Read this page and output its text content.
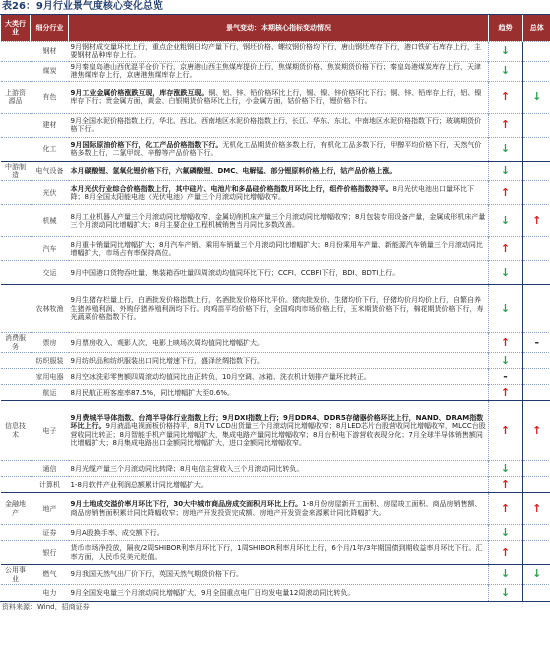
表26：9月行业景气度核心变化总览
大类行业	细分行业	景气变动：本期核心指标变动情况	趋势	总体
	钢材	9月钢材成交量环比上行，重点企业粗钢日均产量下行，钢坯价格、螺纹钢价格均下行，唐山钢坯库存下行，港口铁矿石库存上行，主要钢材品种库存上行。	↓	
	煤炭	9月秦皇岛港山西优混平仓价下行，京唐港山西主焦煤库提价上行，焦煤期货价格、焦炭期货价格下行；秦皇岛港煤炭库存上行，天津港焦煤库存上行，京唐港焦煤库存上行。	↓	
上游资源品	有色	9月工业金属价格涨跌互现，库存涨跌互现。铜、铝、锌、铅价格环比上行，锡、镍、锌价格环比下行；铜、锌、铅库存上行，铝、镍库存下行；贵金属方面，黄金、白银期货价格环比上行，小金属方面，钴价格下行，锂价格下行。	↑	↓
	建材	9月全国水泥价格指数上行，华北、西北、西南地区水泥价格指数上行，长江、华东、东北、中南地区水泥价格指数下行；玻璃期货价格下行。	↑	
	化工	9月国际原油价格下行，化工产品价格指数下行。无机化工品期货价格多数上行，有机化工品多数下行，甲醇平均价格下行，天然气价格多数上行，二氯甲烷、辛醇等产品价格下行。	↓	
中游制造	电气设备	本月碳酸锂、氢氧化锂价格下行，六氟磷酸锂、DMC、电解锰、部分锂原料价格上行，钴产品价格上涨。	↓	
	光伏	本月光伏行业综合价格指数上行，其中硅片、电池片和多晶硅价格指数月环比上行，组件价格指数持平。8月光伏电池出口量环比下降；8月全国太阳能电池（光伏电池）产量三个月滚动同比增幅收窄。	↑	
	机械	8月工业机器人产量三个月滚动同比增幅收窄，金属切削机床产量三个月滚动同比增幅收窄；8月包装专用设备产量，金属成形机床产量三个月滚动同比增幅扩大；8月主要企业工程机械销售当月同比多数改善。	↓	↑
	汽车	8月重卡销量同比增幅扩大；8月汽车产销、乘用车销量三个月滚动同比增幅扩大；8月份乘用车产量、新能源汽车销量三个月滚动同比增幅扩大，市场占有率保持高位。	↑	
	交运	9月中国港口货物吞吐量、集装箱吞吐量四周滚动均值同环比下行；CCFI、CCBFI下行，BDI、BDTI上行。	↓	
	农林牧渔	9月生猪存栏量上行，白酒批发价格指数上行，名酒批发价格环比平价。猪肉批发价、生猪均价下行，仔猪均价月均价上行，自繁自养生猪养殖利润、外购仔猪养殖利润均下行。肉鸡苗平均价格下行，全国鸡肉市场价格上行，玉米期货价格下行，棉花期货价格下行，寿光蔬菜价格指数下行。	↓	
消费服务	票房	9月票房收入、观影人次、电影上映场次周均值同比增幅扩大。	↑	-
	纺织服装	9月纺织品和纺织服装出口同比增速下行，盛泽丝绸指数下行。	↓	
	家用电器	8月空冰洗彩零售额四周滚动均值同比由正转负，10月空调、冰箱、洗衣机计划排产量环比转正。	-	
	航运	8月民航正班客座率87.5%，同比增幅扩大至0.6%。	↑	
信息技术	电子	9月费城半导体指数、台湾半导体行业指数上行；9月DXI指数上行；9月DDR4、DDR5存储器价格环比上行，NAND、DRAM指数环比上行。9月液晶电视面板价格持平，8月TV LCD出货量三个月滚动同比增幅收窄；8月LED芯片台股营收同比增幅收窄，MLCC台股营收同比转正；8月智能手机产量同比增幅扩大，集成电路产量同比增幅收窄；8月台积电下游营收表现分化；7月全球半导体销售额同比增幅扩大；8月集成电路出口金额同比增幅扩大，进口金额同比增幅收窄。	↑	↑
	通信	8月光缆产量三个月滚动同比转降；8月电信主营收入三个月滚动同比转负。	↓	
	计算机	1-8月软件产业利润总额累计同比增幅扩大。	↑	
金融地产	地产	9月土地成交溢价率月环比下行，30大中城市商品房成交面积月环比上行。1-8月份房屋新开工面积、房屋竣工面积、商品房销售额、商品房销售面积累计同比降幅收窄；房地产开发投资完成额、房地产开发资金来源累计同比降幅扩大。	↑	↑
	证券	9月A股换手率、成交额下行。	↓	
	银行	货币市场净投放，隔夜/2周SHIBOR利率月环比下行，1周SHIBOR利率月环比上行，6个月/1年/3年期国债到期收益率月环比下行。汇率方面，人民币兑美元贬值。	↑	
公用事业	燃气	9月我国天然气出厂价下行，英国天然气期货价格下行。	↓	↓
	电力	9月全国发电量三个月滚动同比增幅扩大，9月全国重点电厂日均发电量12周滚动同比转负。	↓	
资料来源：Wind，招商证券
